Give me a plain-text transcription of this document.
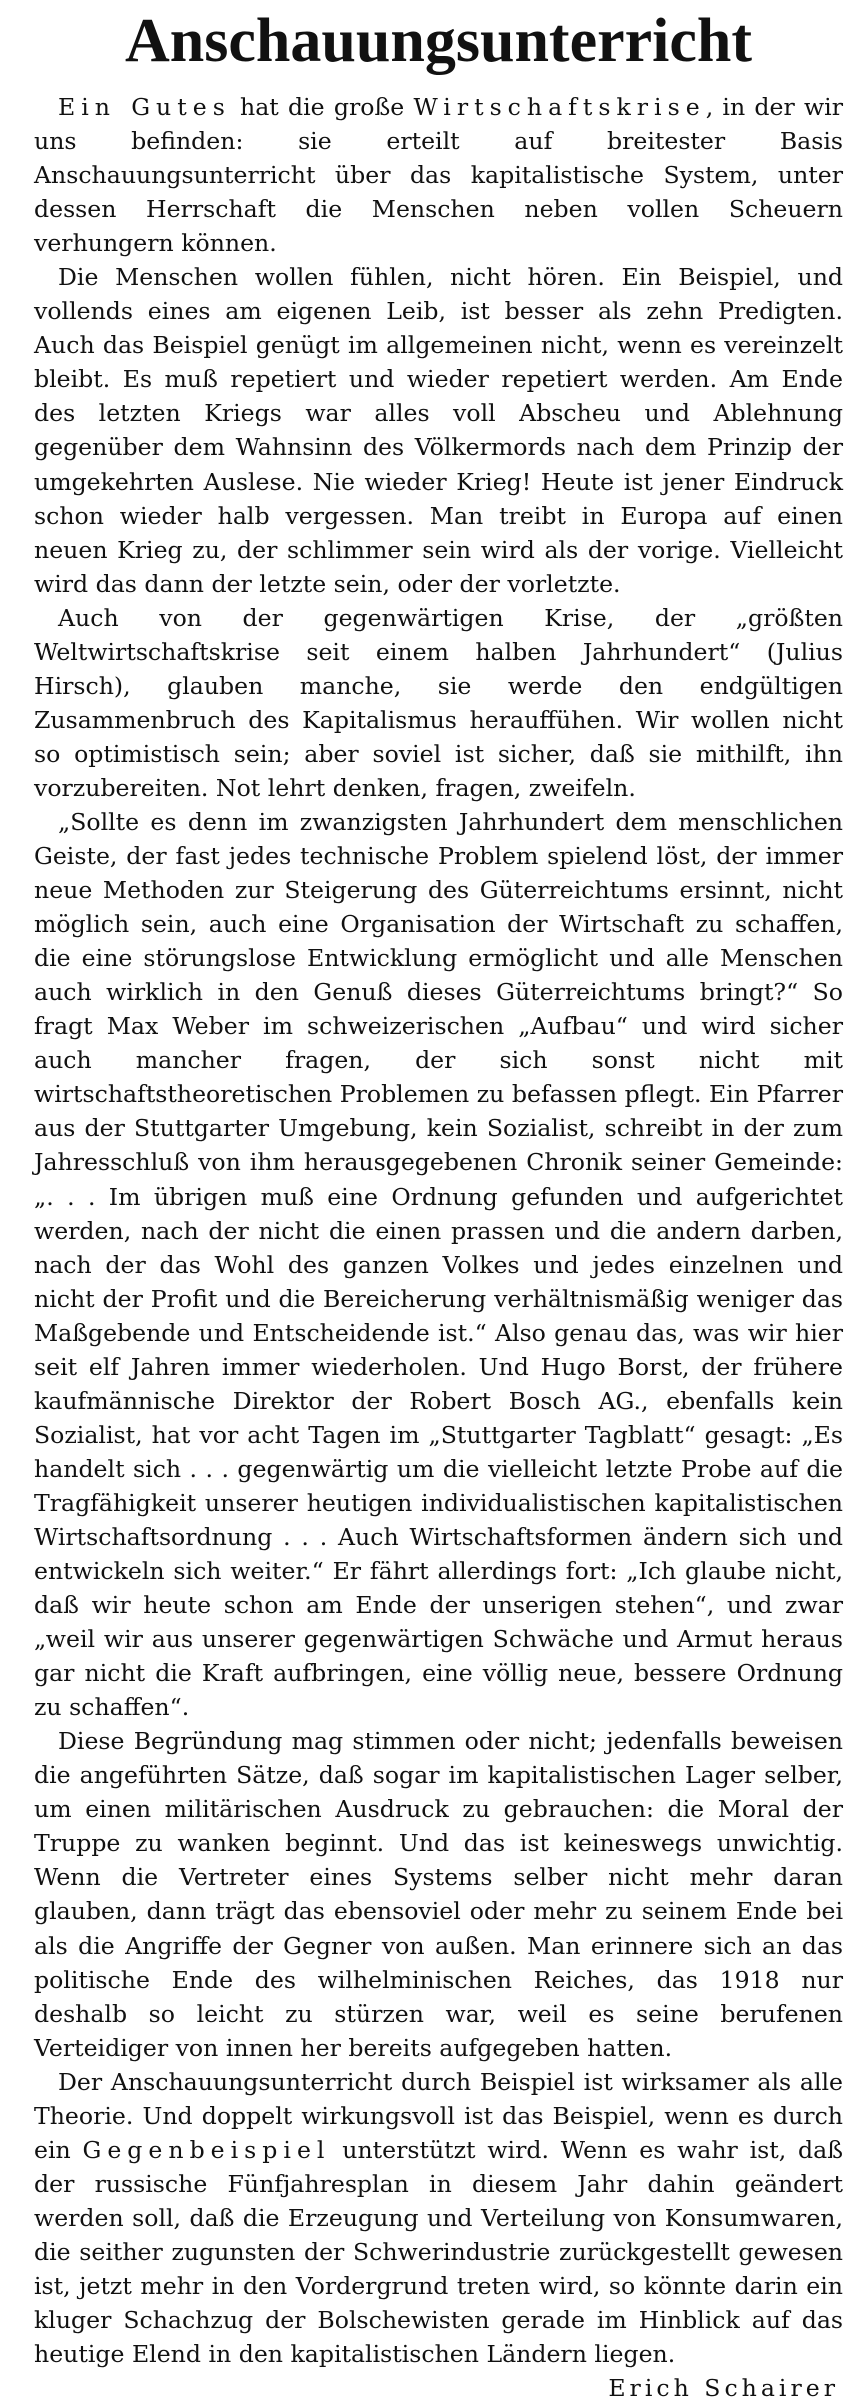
Anschauungsunterricht

Ein Gutes hat die große Wirtschaftskrise, in der wir uns befinden: sie erteilt auf breitester Basis Anschauungsunterricht über das kapitalistische System, unter dessen Herrschaft die Menschen neben vollen Scheuern verhungern können.

Die Menschen wollen fühlen, nicht hören. Ein Beispiel, und vollends eines am eigenen Leib, ist besser als zehn Predigten. Auch das Beispiel genügt im allgemeinen nicht, wenn es vereinzelt bleibt. Es muß repetiert und wieder repetiert werden. Am Ende des letzten Kriegs war alles voll Abscheu und Ablehnung gegenüber dem Wahnsinn des Völkermords nach dem Prinzip der umgekehrten Auslese. Nie wieder Krieg! Heute ist jener Eindruck schon wieder halb vergessen. Man treibt in Europa auf einen neuen Krieg zu, der schlimmer sein wird als der vorige. Vielleicht wird das dann der letzte sein, oder der vorletzte.

Auch von der gegenwärtigen Krise, der „größten Weltwirtschaftskrise seit einem halben Jahrhundert“ (Julius Hirsch), glauben manche, sie werde den endgültigen Zusammenbruch des Kapitalismus herauffühen. Wir wollen nicht so optimistisch sein; aber soviel ist sicher, daß sie mithilft, ihn vorzubereiten. Not lehrt denken, fragen, zweifeln.

„Sollte es denn im zwanzigsten Jahrhundert dem menschlichen Geiste, der fast jedes technische Problem spielend löst, der immer neue Methoden zur Steigerung des Güterreichtums ersinnt, nicht möglich sein, auch eine Organisation der Wirtschaft zu schaffen, die eine störungslose Entwicklung ermöglicht und alle Menschen auch wirklich in den Genuß dieses Güterreichtums bringt?“ So fragt Max Weber im schweizerischen „Aufbau“ und wird sicher auch mancher fragen, der sich sonst nicht mit wirtschaftstheoretischen Problemen zu befassen pflegt. Ein Pfarrer aus der Stuttgarter Umgebung, kein Sozialist, schreibt in der zum Jahresschluß von ihm herausgegebenen Chronik seiner Gemeinde: „. . . Im übrigen muß eine Ordnung gefunden und aufgerichtet werden, nach der nicht die einen prassen und die andern darben, nach der das Wohl des ganzen Volkes und jedes einzelnen und nicht der Profit und die Bereicherung verhältnismäßig weniger das Maßgebende und Entscheidende ist.“ Also genau das, was wir hier seit elf Jahren immer wiederholen. Und Hugo Borst, der frühere kaufmännische Direktor der Robert Bosch AG., ebenfalls kein Sozialist, hat vor acht Tagen im „Stuttgarter Tagblatt“ gesagt: „Es handelt sich . . . gegenwärtig um die vielleicht letzte Probe auf die Tragfähigkeit unserer heutigen individualistischen kapitalistischen Wirtschaftsordnung . . . Auch Wirtschaftsformen ändern sich und entwickeln sich weiter.“ Er fährt allerdings fort: „Ich glaube nicht, daß wir heute schon am Ende der unserigen stehen“, und zwar „weil wir aus unserer gegenwärtigen Schwäche und Armut heraus gar nicht die Kraft aufbringen, eine völlig neue, bessere Ordnung zu schaffen“.

Diese Begründung mag stimmen oder nicht; jedenfalls beweisen die angeführten Sätze, daß sogar im kapitalistischen Lager selber, um einen militärischen Ausdruck zu gebrauchen: die Moral der Truppe zu wanken beginnt. Und das ist keineswegs unwichtig. Wenn die Vertreter eines Systems selber nicht mehr daran glauben, dann trägt das ebensoviel oder mehr zu seinem Ende bei als die Angriffe der Gegner von außen. Man erinnere sich an das politische Ende des wilhelminischen Reiches, das 1918 nur deshalb so leicht zu stürzen war, weil es seine berufenen Verteidiger von innen her bereits aufgegeben hatten.

Der Anschauungsunterricht durch Beispiel ist wirksamer als alle Theorie. Und doppelt wirkungsvoll ist das Beispiel, wenn es durch ein Gegenbeispiel unterstützt wird. Wenn es wahr ist, daß der russische Fünfjahresplan in diesem Jahr dahin geändert werden soll, daß die Erzeugung und Verteilung von Konsumwaren, die seither zugunsten der Schwerindustrie zurückgestellt gewesen ist, jetzt mehr in den Vordergrund treten wird, so könnte darin ein kluger Schachzug der Bolschewisten gerade im Hinblick auf das heutige Elend in den kapitalistischen Ländern liegen.

Erich Schairer
